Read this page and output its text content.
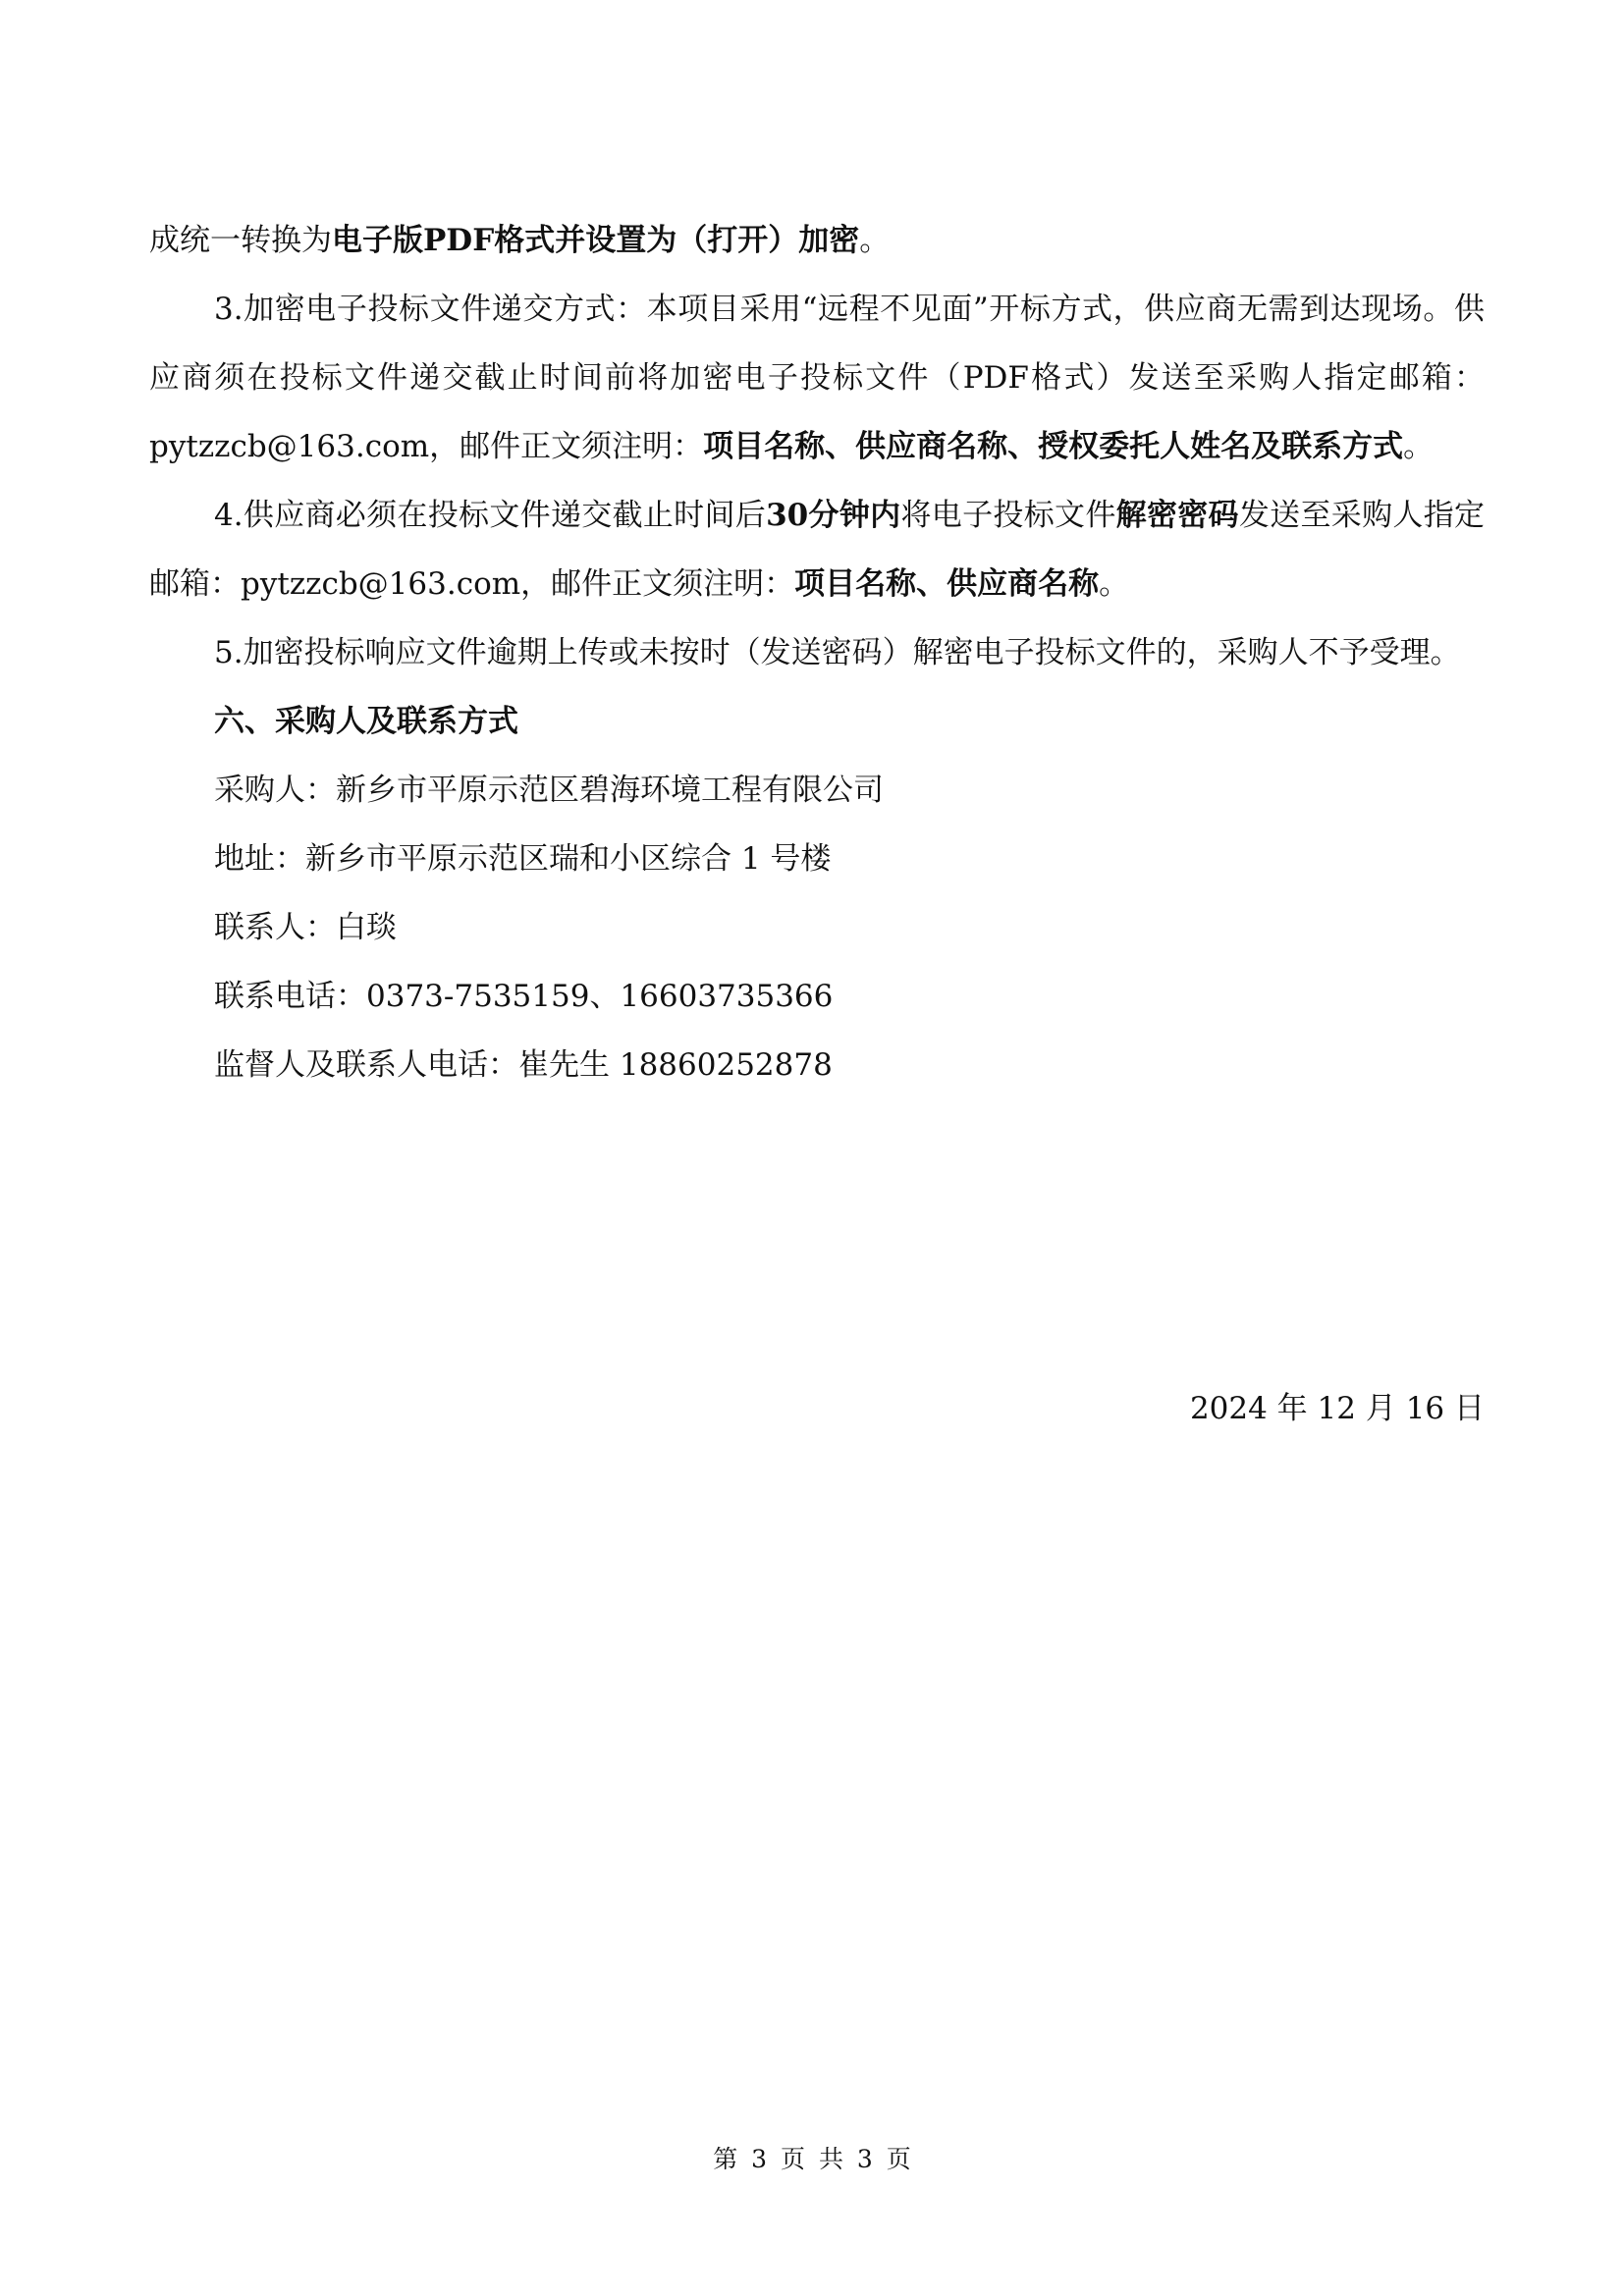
成统一转换为电子版PDF格式并设置为（打开）加密。

3.加密电子投标文件递交方式：本项目采用“远程不见面”开标方式，供应商无需到达现场。供应商须在投标文件递交截止时间前将加密电子投标文件（PDF格式）发送至采购人指定邮箱：pytzzcb@163.com，邮件正文须注明：项目名称、供应商名称、授权委托人姓名及联系方式。

4.供应商必须在投标文件递交截止时间后30分钟内将电子投标文件解密密码发送至采购人指定邮箱：pytzzcb@163.com，邮件正文须注明：项目名称、供应商名称。

5.加密投标响应文件逾期上传或未按时（发送密码）解密电子投标文件的，采购人不予受理。

六、采购人及联系方式

采购人：新乡市平原示范区碧海环境工程有限公司

地址：新乡市平原示范区瑞和小区综合 1 号楼

联系人：白琰

联系电话：0373-7535159、16603735366

监督人及联系人电话：崔先生 18860252878

2024 年 12 月 16 日
第 3 页 共 3 页
